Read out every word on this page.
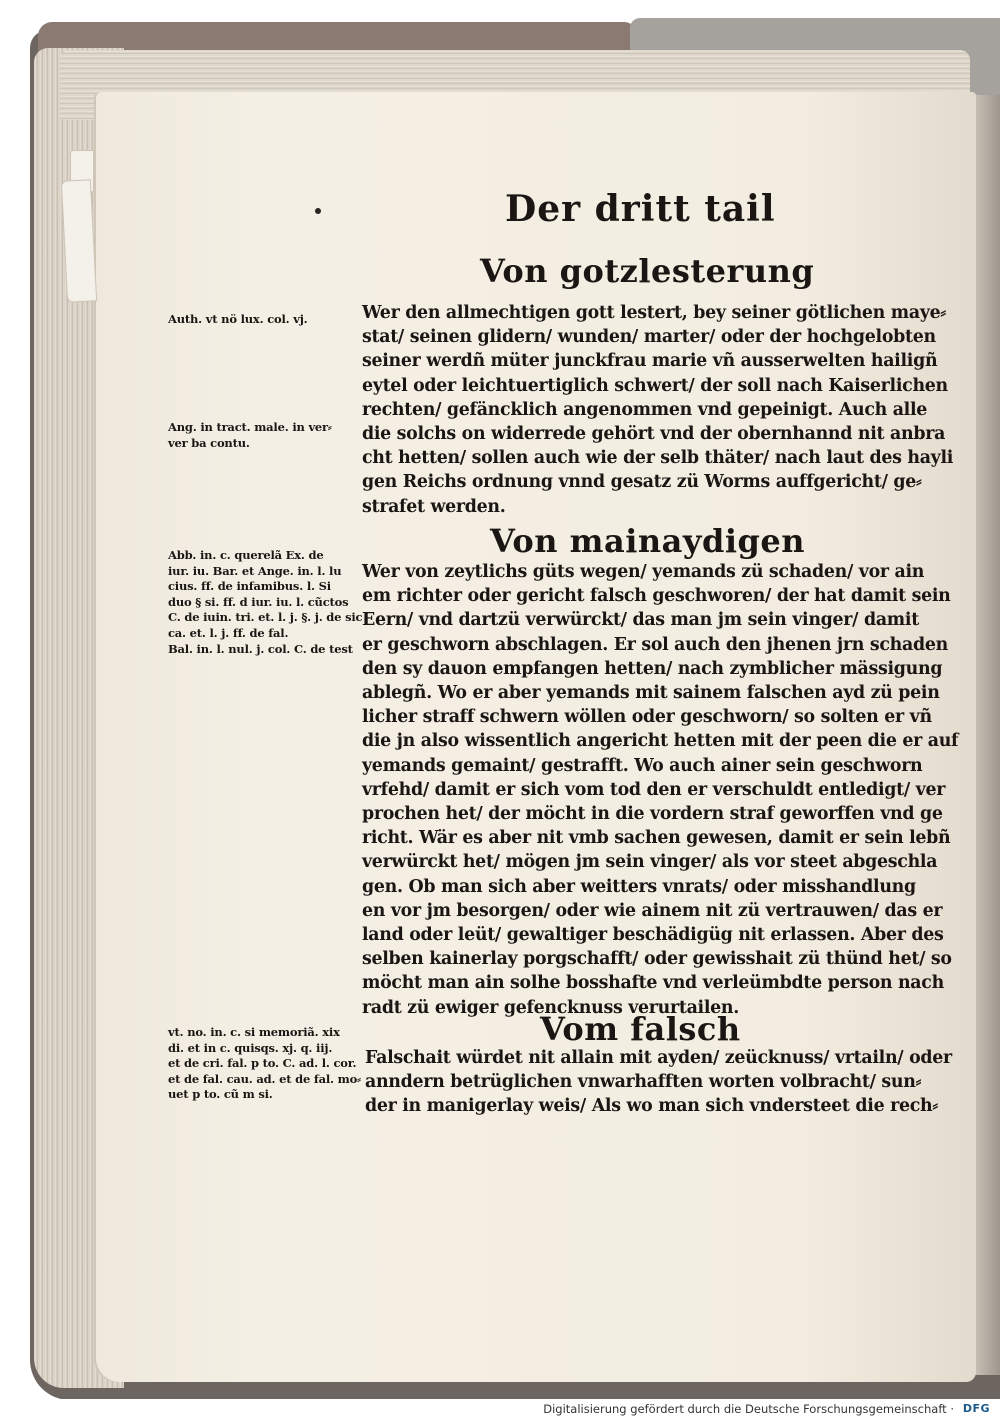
Der dritt tail
Von gotzlesterung
Wer den allmechtigen gott lestert, bey seiner götlichen maye⸗
stat/ seinen glidern/ wunden/ marter/ oder der hochgelobten
seiner werdñ müter junckfrau marie vñ ausserwelten hailigñ
eytel oder leichtuertiglich schwert/ der soll nach Kaiserlichen
rechten/ gefäncklich angenommen vnd gepeinigt. Auch alle
die solchs on widerrede gehört vnd der obernhannd nit anbra
cht hetten/ sollen auch wie der selb thäter/ nach laut des hayli
gen Reichs ordnung vnnd gesatz zü Worms auffgericht/ ge⸗
strafet werden.
Von mainaydigen
Wer von zeytlichs güts wegen/ yemands zü schaden/ vor ain
em richter oder gericht falsch geschworen/ der hat damit sein
Eern/ vnd dartzü verwürckt/ das man jm sein vinger/ damit
er geschworn abschlagen. Er sol auch den jhenen jrn schaden
den sy dauon empfangen hetten/ nach zymblicher mässigung
ablegñ. Wo er aber yemands mit sainem falschen ayd zü pein
licher straff schwern wöllen oder geschworn/ so solten er vñ
die jn also wissentlich angericht hetten mit der peen die er auf
yemands gemaint/ gestrafft. Wo auch ainer sein geschworn
vrfehd/ damit er sich vom tod den er verschuldt entledigt/ ver
prochen het/ der möcht in die vordern straf geworffen vnd ge
richt. Wär es aber nit vmb sachen gewesen, damit er sein lebñ
verwürckt het/ mögen jm sein vinger/ als vor steet abgeschla
gen. Ob man sich aber weitters vnrats/ oder misshandlung
en vor jm besorgen/ oder wie ainem nit zü vertrauwen/ das er
land oder leüt/ gewaltiger beschädigüg nit erlassen. Aber des
selben kainerlay porgschafft/ oder gewisshait zü thünd het/ so
möcht man ain solhe bosshafte vnd verleümbdte person nach
radt zü ewiger gefencknuss verurtailen.
Vom falsch
Falschait würdet nit allain mit ayden/ zeücknuss/ vrtailn/ oder
anndern betrüglichen vnwarhafften worten volbracht/ sun⸗
der in manigerlay weis/ Als wo man sich vndersteet die rech⸗
Auth. vt nö lux. col. vj.
Ang. in tract. male. in ver⸗
ver ba contu.
Abb. in. c. querelã Ex. de
iur. iu. Bar. et Ange. in. l. lu
cius. ff. de infamibus. l. Si
duo § si. ff. d iur. iu. l. cũctos
C. de iuin. tri. et. l. j. §. j. de sic
ca. et. l. j. ff. de fal.
Bal. in. l. nul. j. col. C. de test
vt. no. in. c. si memoriã. xix
di. et in c. quisqs. xj. q. iij.
et de cri. fal. p to. C. ad. l. cor.
et de fal. cau. ad. et de fal. mo⸗
uet p to. cũ m si.
Digitalisierung gefördert durch die Deutsche Forschungsgemeinschaft · DFG
